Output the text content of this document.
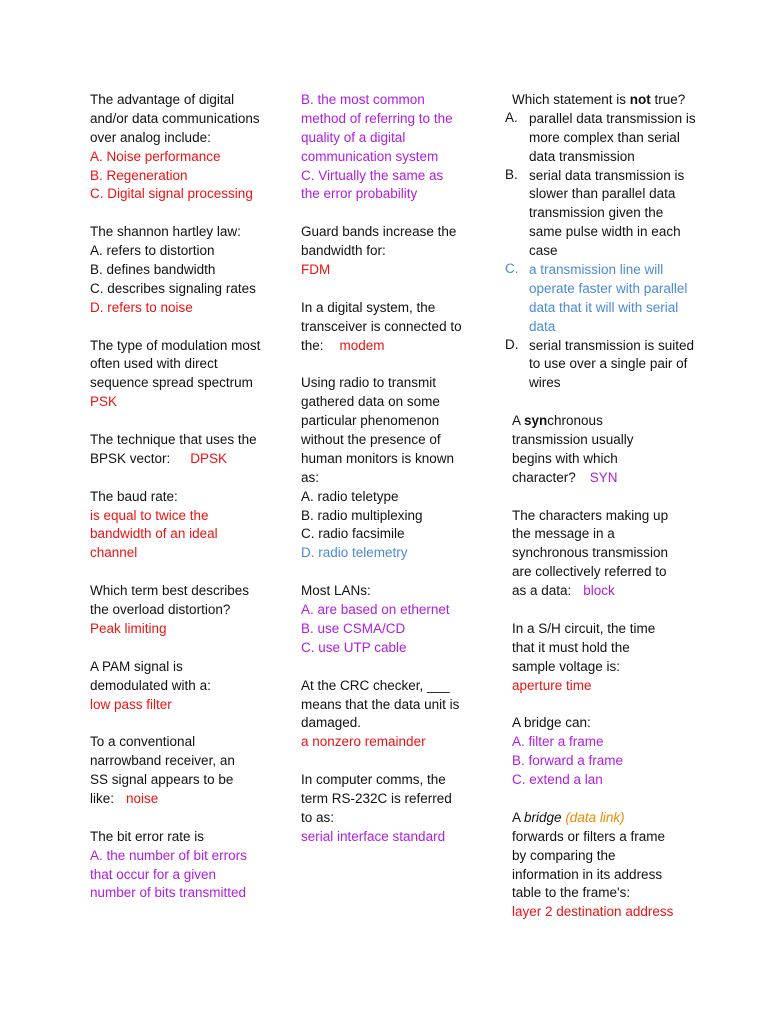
The advantage of digital
and/or data communications
over analog include:
A. Noise performance
B. Regeneration
C. Digital signal processing
The shannon hartley law:
A. refers to distortion
B. defines bandwidth
C. describes signaling rates
D. refers to noise
The type of modulation most
often used with direct
sequence spread spectrum
PSK
The technique that uses the
BPSK vector: DPSK
The baud rate:
is equal to twice the
bandwidth of an ideal
channel
Which term best describes
the overload distortion?
Peak limiting
A PAM signal is
demodulated with a:
low pass filter
To a conventional
narrowband receiver, an
SS signal appears to be
like: noise
The bit error rate is
A. the number of bit errors
that occur for a given
number of bits transmitted
B. the most common
method of referring to the
quality of a digital
communication system
C. Virtually the same as
the error probability
Guard bands increase the
bandwidth for:
FDM
In a digital system, the
transceiver is connected to
the: modem
Using radio to transmit
gathered data on some
particular phenomenon
without the presence of
human monitors is known
as:
A. radio teletype
B. radio multiplexing
C. radio facsimile
D. radio telemetry
Most LANs:
A. are based on ethernet
B. use CSMA/CD
C. use UTP cable
At the CRC checker, ___
means that the data unit is
damaged.
a nonzero remainder
In computer comms, the
term RS-232C is referred
to as:
serial interface standard
Which statement is not true?
A. parallel data transmission is
more complex than serial
data transmission
B. serial data transmission is
slower than parallel data
transmission given the
same pulse width in each
case
C. a transmission line will
operate faster with parallel
data that it will with serial
data
D. serial transmission is suited
to use over a single pair of
wires
A synchronous
transmission usually
begins with which
character? SYN
The characters making up
the message in a
synchronous transmission
are collectively referred to
as a data: block
In a S/H circuit, the time
that it must hold the
sample voltage is:
aperture time
A bridge can:
A. filter a frame
B. forward a frame
C. extend a lan
A bridge (data link)
forwards or filters a frame
by comparing the
information in its address
table to the frame's:
layer 2 destination address
